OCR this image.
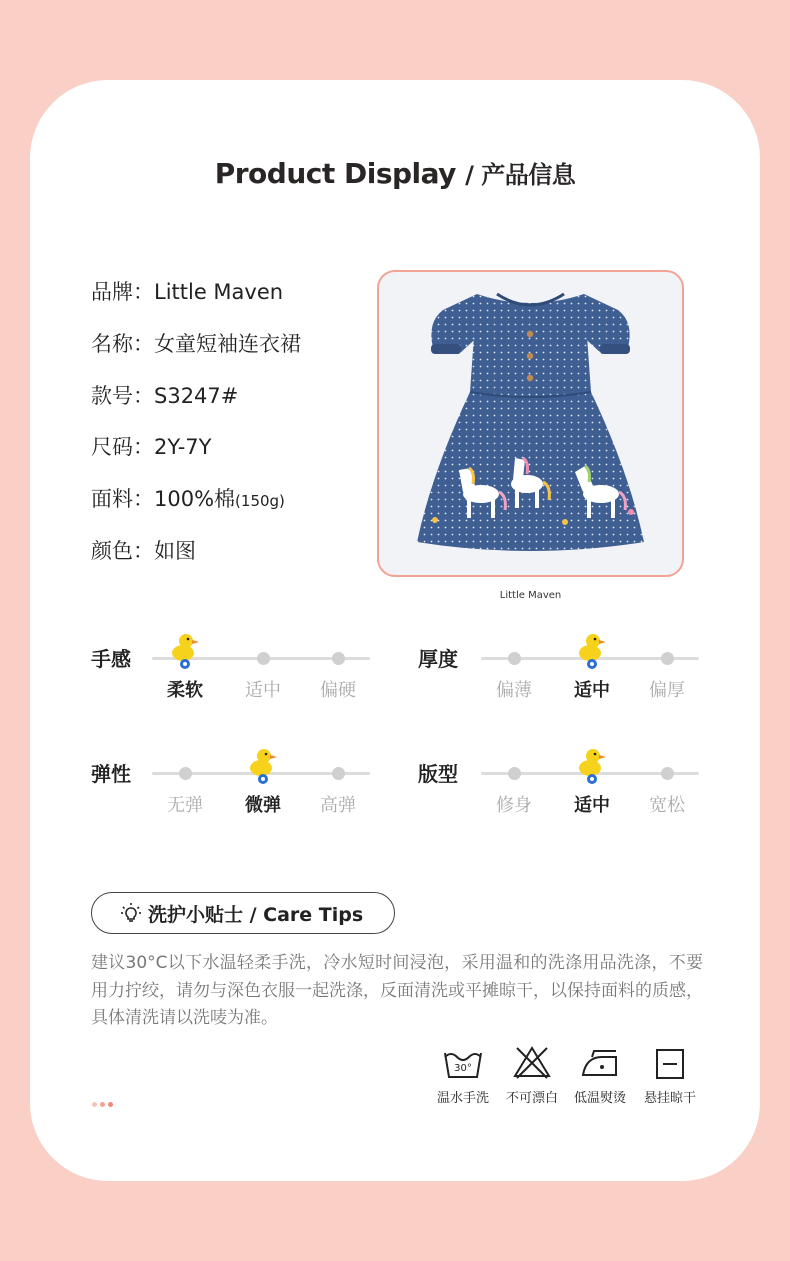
Product Display / 产品信息
品牌：Little Maven
名称：女童短袖连衣裙
款号：S3247#
尺码：2Y-7Y
面料：100%棉(150g)
颜色：如图
Little Maven
手感
柔软	适中	偏硬
厚度
偏薄	适中	偏厚
弹性
无弹	微弹	高弹
版型
修身	适中	宽松
洗护小贴士 / Care Tips
建议30°C以下水温轻柔手洗，冷水短时间浸泡，采用温和的洗涤用品洗涤，不要用力拧绞，请勿与深色衣服一起洗涤，反面清洗或平摊晾干，以保持面料的质感，具体清洗请以洗唛为准。
30°
温水手洗	不可漂白	低温熨烫	悬挂晾干
